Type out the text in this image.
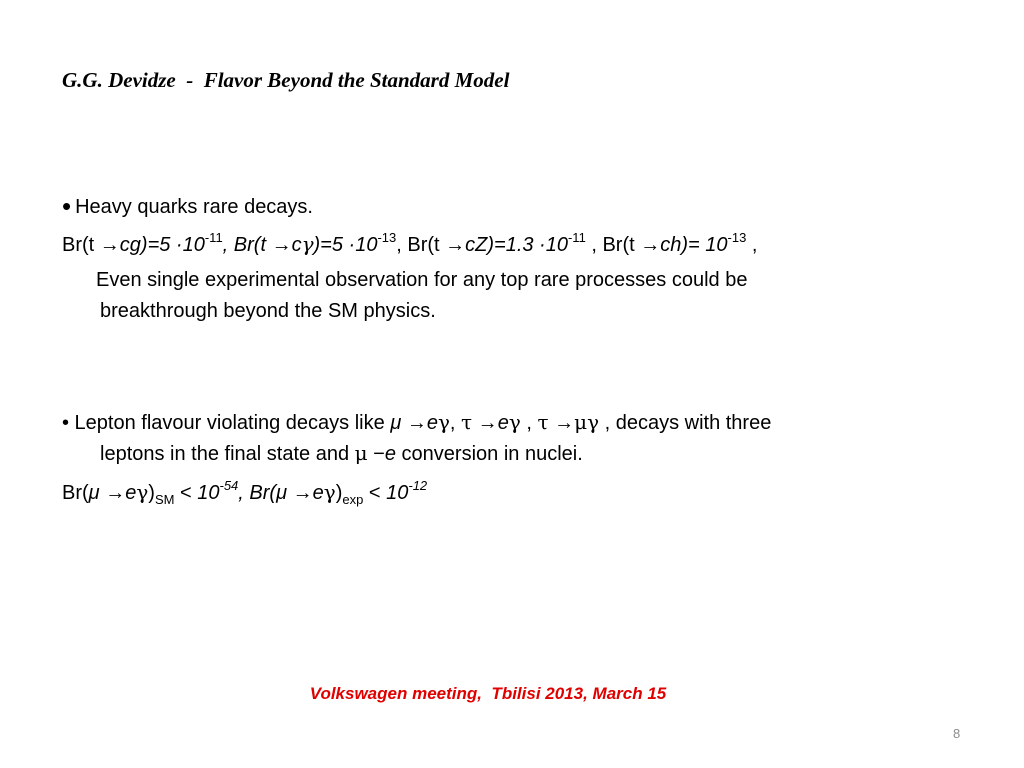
G.G. Devidze  -  Flavor Beyond the Standard Model
• Heavy quarks rare decays.
$Br(t \to cg)=5 \cdot 10^{-11}$, $Br(t \to c\gamma)=5 \cdot 10^{-13}$, $Br(t \to cZ)=1.3 \cdot 10^{-11}$ , $Br(t \to ch)= 10^{-13}$ ,
Even single experimental observation for any top rare processes could be
breakthrough beyond the SM physics.
• Lepton flavour violating decays like μ →eγ, τ →eγ , τ →μγ , decays with three
leptons in the final state and μ −e conversion in nuclei.
$Br(\mu \to e\gamma)_{SM} < 10^{-54}$, $Br(\mu \to e\gamma)_{exp} < 10^{-12}$
Volkswagen meeting,  Tbilisi 2013, March 15
8
